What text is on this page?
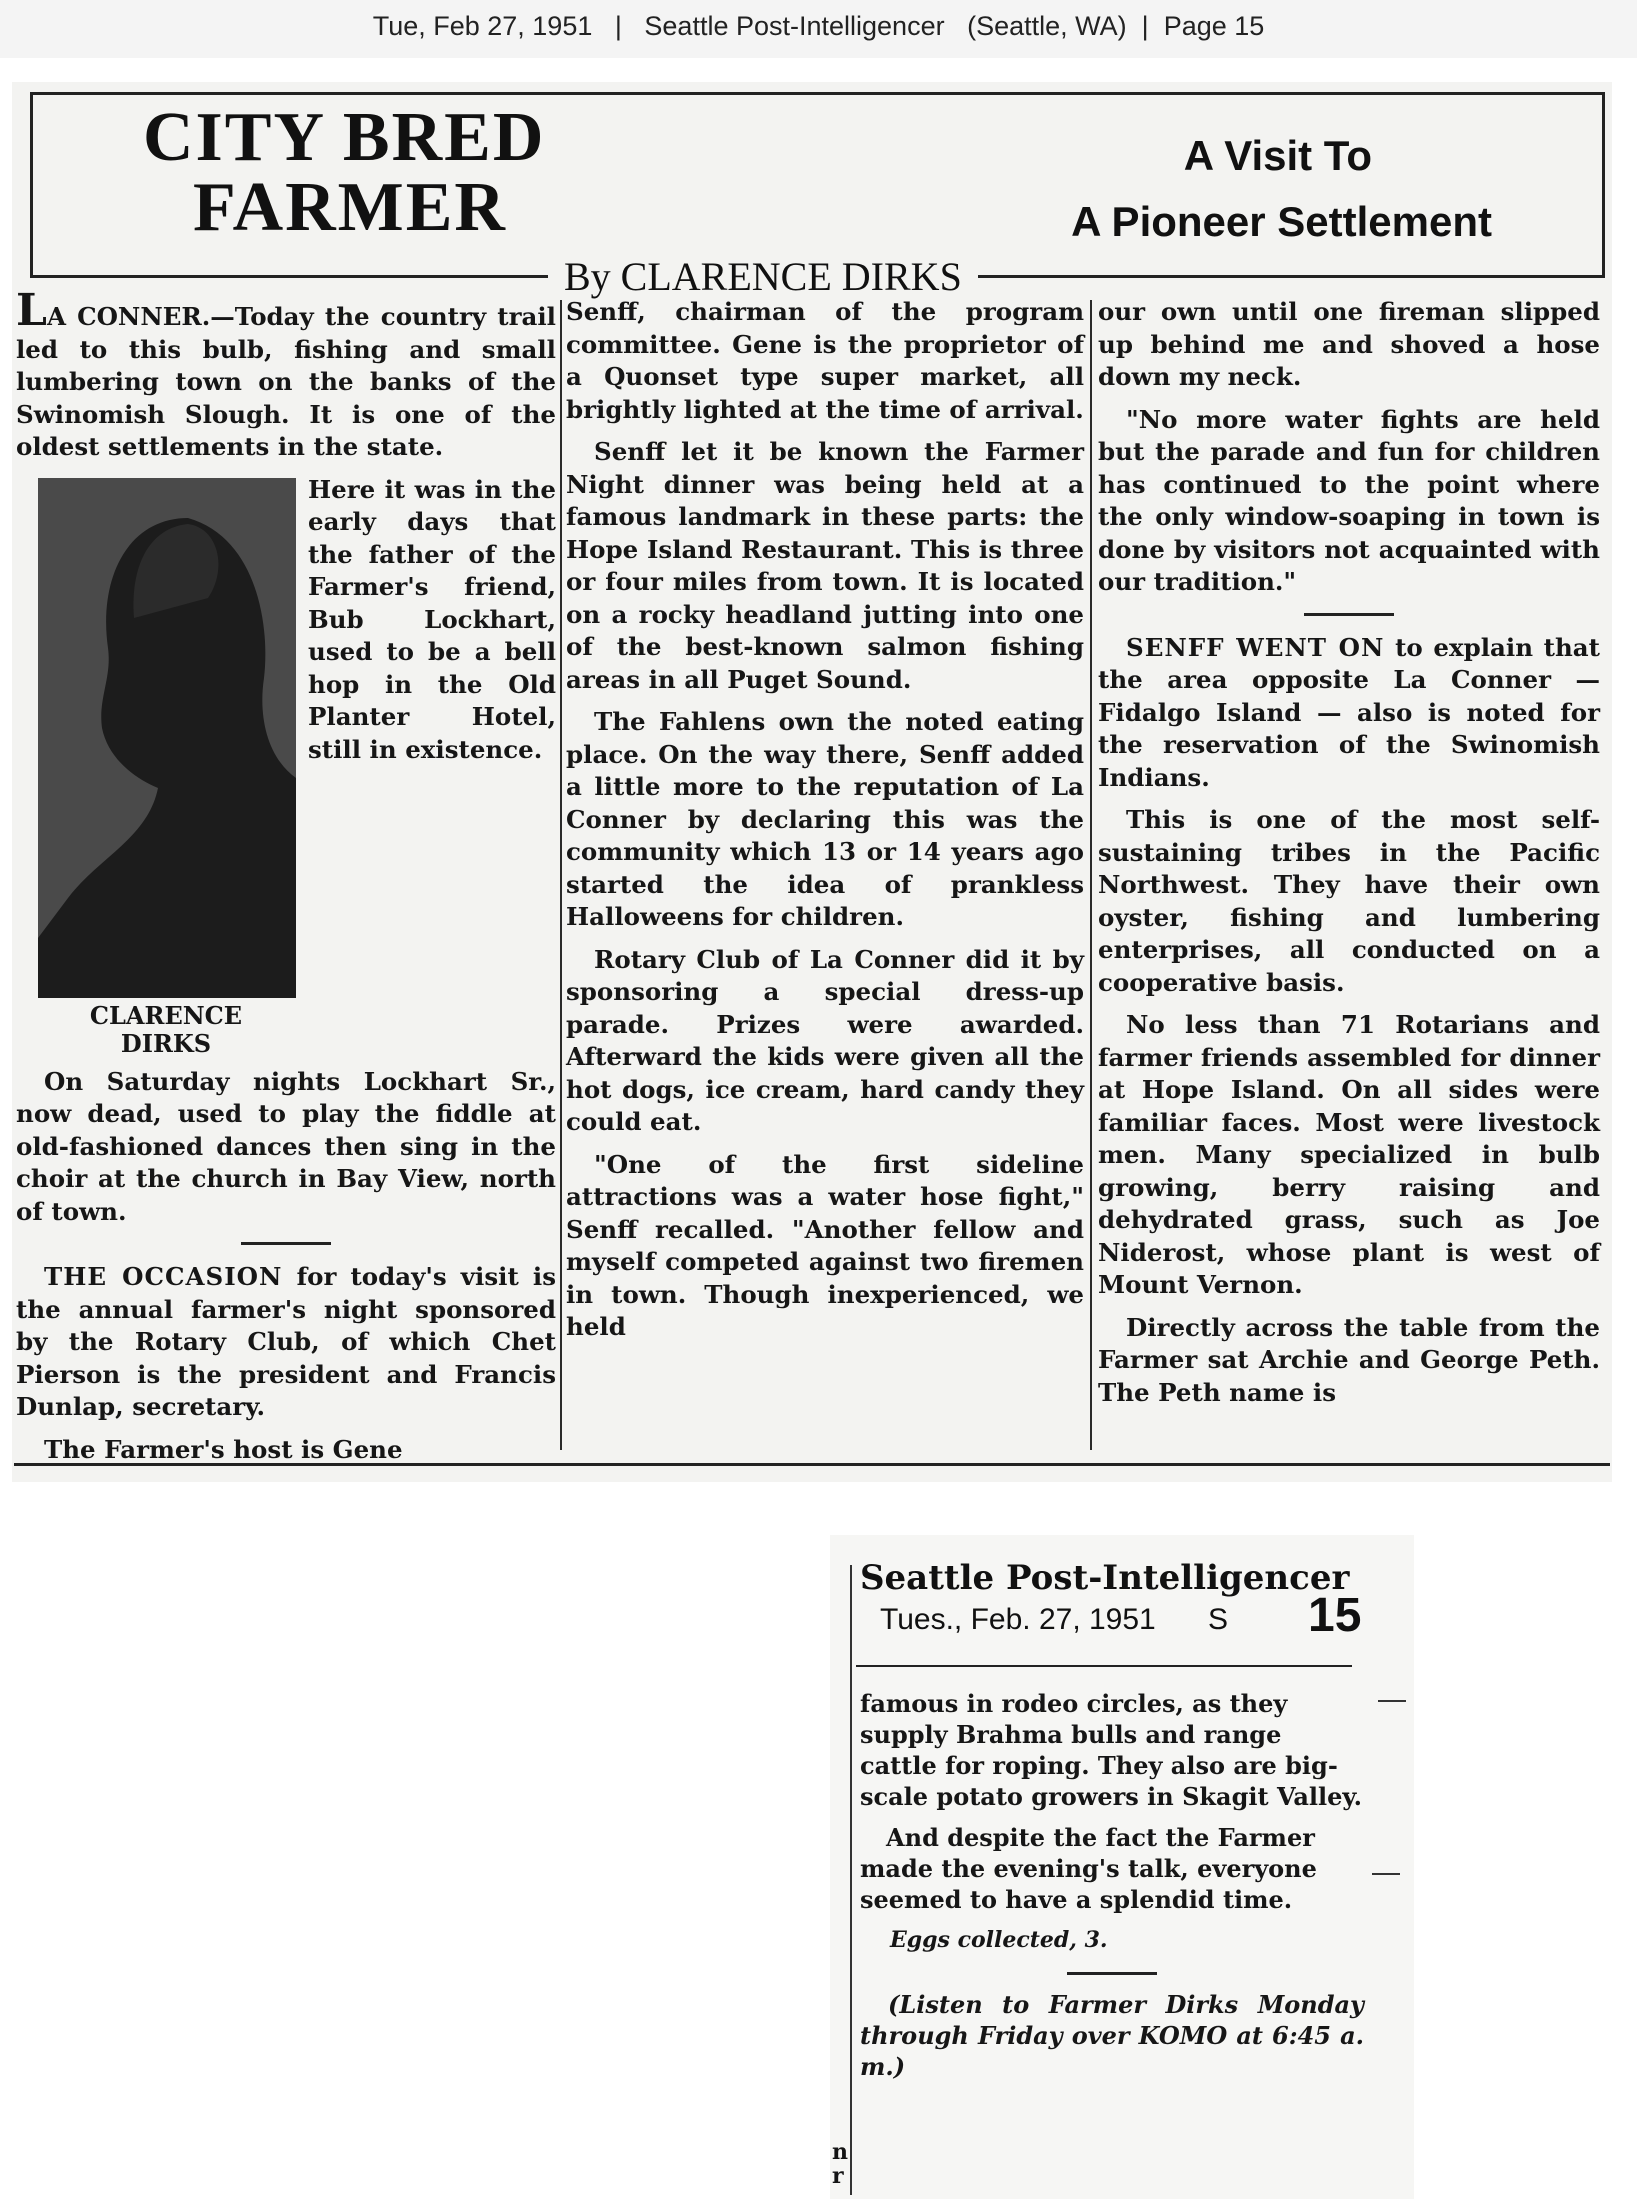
Tue, Feb 27, 1951 | Seattle Post-Intelligencer (Seattle, WA) | Page 15
CITY BRED
FARMER
A Visit To
A Pioneer Settlement
By CLARENCE DIRKS

LA CONNER.—Today the country trail led to this bulb, fishing and small lumbering town on the banks of the Swinomish Slough. It is one of the oldest settlements in the state.

Here it was in the early days that the father of the Farmer's friend, Bub Lockhart, used to be a bell hop in the Old Planter Hotel, still in existence.

CLARENCE
DIRKS

On Saturday nights Lockhart Sr., now dead, used to play the fiddle at old-fashioned dances then sing in the choir at the church in Bay View, north of town.

THE OCCASION for today's visit is the annual farmer's night sponsored by the Rotary Club, of which Chet Pierson is the president and Francis Dunlap, secretary.

The Farmer's host is Gene

Senff, chairman of the program committee. Gene is the proprietor of a Quonset type super market, all brightly lighted at the time of arrival.

Senff let it be known the Farmer Night dinner was being held at a famous landmark in these parts: the Hope Island Restaurant. This is three or four miles from town. It is located on a rocky headland jutting into one of the best-known salmon fishing areas in all Puget Sound.

The Fahlens own the noted eating place. On the way there, Senff added a little more to the reputation of La Conner by declaring this was the community which 13 or 14 years ago started the idea of prankless Halloweens for children.

Rotary Club of La Conner did it by sponsoring a special dress-up parade. Prizes were awarded. Afterward the kids were given all the hot dogs, ice cream, hard candy they could eat.

"One of the first sideline attractions was a water hose fight," Senff recalled. "Another fellow and myself competed against two firemen in town. Though inexperienced, we held

our own until one fireman slipped up behind me and shoved a hose down my neck.

"No more water fights are held but the parade and fun for children has continued to the point where the only window-soaping in town is done by visitors not acquainted with our tradition."

SENFF WENT ON to explain that the area opposite La Conner — Fidalgo Island — also is noted for the reservation of the Swinomish Indians.

This is one of the most self-sustaining tribes in the Pacific Northwest. They have their own oyster, fishing and lumbering enterprises, all conducted on a cooperative basis.

No less than 71 Rotarians and farmer friends assembled for dinner at Hope Island. On all sides were familiar faces. Most were livestock men. Many specialized in bulb growing, berry raising and dehydrated grass, such as Joe Niderost, whose plant is west of Mount Vernon.

Directly across the table from the Farmer sat Archie and George Peth. The Peth name is

Seattle Post-Intelligencer
Tues., Feb. 27, 1951 S 15

famous in rodeo circles, as they supply Brahma bulls and range cattle for roping. They also are big-scale potato growers in Skagit Valley.

And despite the fact the Farmer made the evening's talk, everyone seemed to have a splendid time.

Eggs collected, 3.

(Listen to Farmer Dirks Monday through Friday over KOMO at 6:45 a. m.)

n r
